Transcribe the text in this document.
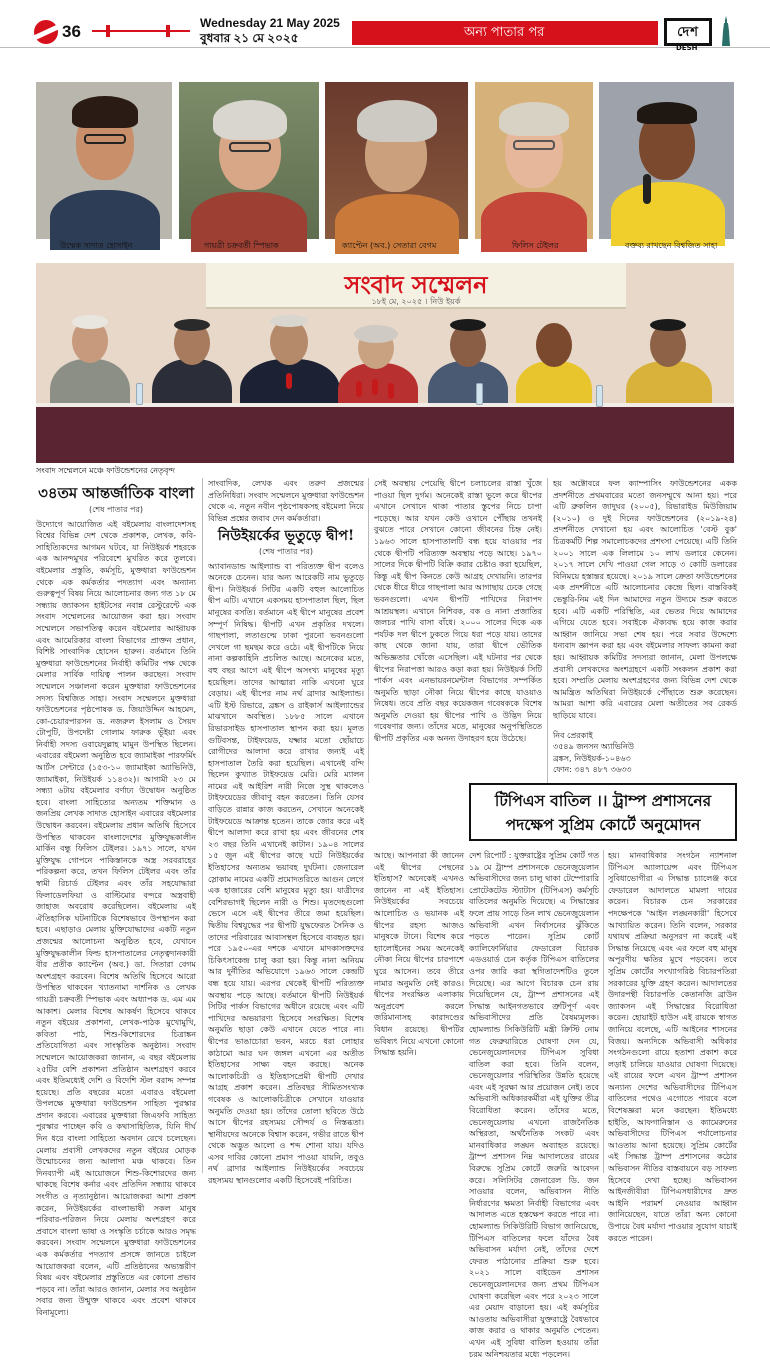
36	Wednesday 21 May 2025
বুধবার ২১ মে ২০২৫	অন্য পাতার পর	দেশ
DESH
উম্মেক সাদাত হোসাইন	গায়ত্রী চক্রবর্তী স্পিভাক	ক্যাপ্টেন (অব.) সেতারা বেগম	ফিলিস টেইলর	বক্তব্য রাখছেন বিশ্বজিত সাহা
সংবাদ সম্মেলন
১৮ই মে, ২০২৫ । নিউ ইয়র্ক
সংবাদ সম্মেলনে মঞ্চে ফাউন্ডেশনের নেতৃবৃন্দ
৩৪তম আন্তর্জাতিক বাংলা
(শেষ পাতার পর)

উদ্যোগে আয়োজিত এই বইমেলায় বাংলাদেশসহ বিশ্বের বিভিন্ন দেশ থেকে প্রকাশক, লেখক, কবি-সাহিত্যিকদের আগমন ঘটবে, যা নিউইয়র্ক শহরকে এক আনন্দমুখর পরিবেশে মুখরিত করে তুলবে। বইমেলার প্রস্তুতি, কর্মসূচি, মুক্তধারা ফাউন্ডেশন থেকে এক কর্মকর্তার পদত্যাগ এবং অন্যান্য গুরুত্বপূর্ণ বিষয় নিয়ে আলোচনার জন্য গত ১৮ মে সন্ধ্যায় জ্যাকসন হাইটসের নবান্ন রেস্টুরেন্টে এক সংবাদ সম্মেলনের আয়োজন করা হয়। সংবাদ সম্মেলনে সভাপতিত্ব করেন বইমেলার আহ্বায়ক এবং আমেরিকার বাংলা বিভাগের প্রাক্তন প্রধান, বিশিষ্ট সাংবাদিক হোসেন হারুন। বর্তমানে তিনি মুক্তধারা ফাউন্ডেশনের নির্বাহী কমিটির পক্ষ থেকে মেলার সার্বিক দায়িত্ব পালন করছেন। সংবাদ সম্মেলনে সঞ্চালনা করেন মুক্তধারা ফাউন্ডেশনের সদস্য বিশ্বজিত সাহা। সংবাদ সম্মেলনে মুক্তধারা ফাউন্ডেশনের পৃষ্ঠপোষক ড. জিয়াউদ্দিন আহমেদ, কো-চেয়ারপারসন ড. নজরুল ইসলাম ও সৈয়দ টোপুটি, উপদেষ্টা গোলাম ফারুক ভূঁইয়া এবং নির্বাহী সদস্য ওবায়েদুল্লাহ মামুন উপস্থিত ছিলেন। এবারের বইমেলা অনুষ্ঠিত হবে জ্যামাইকা পারফর্মিং আর্টস সেন্টারে (১৫৩-১০ জ্যামাইকা অ্যাভিনিউ, জ্যামাইকা, নিউইয়র্ক ১১৪৩২)। আগামী ২৩ মে সন্ধ্যা ৬টায় বইমেলার বর্ণাঢ্য উদ্বোধন অনুষ্ঠিত হবে। বাংলা সাহিত্যের অন্যতম শক্তিমান ও জনপ্রিয় লেখক সাদাত হোসাইন এবারের বইমেলার উদ্বোধন করবেন। বইমেলায় প্রধান অতিথি হিসেবে উপস্থিত থাকবেন বাংলাদেশের মুক্তিযুদ্ধকালীন মার্কিন বন্ধু ফিলিস টেইলর। ১৯৭১ সালে, যখন মুক্তিযুদ্ধ গোপনে পাকিস্তানকে অস্ত্র সরবরাহের পরিকল্পনা করে, তখন ফিলিস টেইলর এবং তাঁর স্বামী রিচার্ড টেইলর এবং তাঁর সহযোদ্ধারা ফিলাডেলফিয়া ও বাল্টিমোর বন্দরে অস্ত্রবাহী জাহাজ অবরোধ করেছিলেন। বইমেলায় এই ঐতিহাসিক ঘটনাটিকে বিশেষভাবে উপস্থাপন করা হবে। এছাড়াও মেলায় মুক্তিযোদ্ধাদের একটি নতুন প্রজন্মের আলোচনা অনুষ্ঠিত হবে, যেখানে মুক্তিযুদ্ধকালীন ফিল্ড হাসপাতালের নেতৃত্বদানকারী বীর প্রতীক ক্যাপ্টেন (অব.) ডা. সিতারা বেগম অংশগ্রহণ করবেন। বিশেষ অতিথি হিসেবে আরো উপস্থিত থাকবেন খ্যাতনামা দার্শনিক ও লেখক গায়ত্রী চক্রবর্তী স্পিভাক এবং অধ্যাপক ড. এম এম আকাশ। মেলার বিশেষ আকর্ষণ হিসেবে থাকবে নতুন বইয়ের প্রকাশনা, লেখক-পাঠক মুখোমুখি, কবিতা পাঠ, শিশু-কিশোরদের চিত্রাঙ্কন প্রতিযোগিতা এবং সাংস্কৃতিক অনুষ্ঠান। সংবাদ সম্মেলনে আয়োজকরা জানান, এ বছর বইমেলায় ২৫টির বেশি প্রকাশনা প্রতিষ্ঠান অংশগ্রহণ করবে এবং ইতিমধ্যেই দেশি ও বিদেশি স্টল বরাদ্দ সম্পন্ন হয়েছে। প্রতি বছরের মতো এবারও বইমেলা উপলক্ষে মুক্তধারা ফাউন্ডেশন সাহিত্য পুরস্কার প্রদান করবে। এবারের মুক্তধারা জিএফবি সাহিত্য পুরস্কার পাচ্ছেন কবি ও কথাসাহিত্যিক, যিনি দীর্ঘ দিন ধরে বাংলা সাহিত্যে অবদান রেখে চলেছেন। মেলায় প্রবাসী লেখকদের নতুন বইয়ের মোড়ক উন্মোচনের জন্য আলাদা মঞ্চ থাকবে। তিন দিনব্যাপী এই আয়োজনে শিশু-কিশোরদের জন্য থাকছে বিশেষ কর্নার এবং প্রতিদিন সন্ধ্যায় থাকবে সংগীত ও নৃত্যানুষ্ঠান। আয়োজকরা আশা প্রকাশ করেন, নিউইয়র্কের বাংলাভাষী সকল মানুষ পরিবার-পরিজন নিয়ে মেলায় অংশগ্রহণ করে প্রবাসে বাংলা ভাষা ও সংস্কৃতি চর্চাকে আরও সমৃদ্ধ করবেন। সংবাদ সম্মেলনে মুক্তধারা ফাউন্ডেশনের এক কর্মকর্তার পদত্যাগ প্রসঙ্গে জানতে চাইলে আয়োজকরা বলেন, এটি প্রতিষ্ঠানের অভ্যন্তরীণ বিষয় এবং বইমেলার প্রস্তুতিতে এর কোনো প্রভাব পড়বে না। তাঁরা আরও জানান, মেলার সব অনুষ্ঠান সবার জন্য উন্মুক্ত থাকবে এবং প্রবেশ থাকবে বিনামূল্যে।

সাংবাদিক, লেখক এবং তরুণ প্রজন্মের প্রতিনিধিরা। সংবাদ সম্মেলনে মুক্তধারা ফাউন্ডেশন থেকে এ. নতুন নবীন পৃষ্ঠপোষকসহ বইমেলা নিয়ে বিভিন্ন প্রশ্নের জবাব দেন কর্মকর্তারা।

নিউইয়র্কের ভূতুড়ে দ্বীপ!
(শেষ পাতার পর)

অ্যাবানডান্ড আইল্যান্ড বা পরিত্যক্ত দ্বীপ বলেও অনেকে চেনেন। যার অন্য আরেকটি নাম ভুতুড়ে দ্বীপ। নিউইয়র্ক সিটির একটি বহুল আলোচিত দ্বীপ এটি। এখানে একসময় হাসপাতাল ছিল, ছিল মানুষের বসতি। বর্তমানে এই দ্বীপে মানুষের প্রবেশ সম্পূর্ণ নিষিদ্ধ। দ্বীপটি এখন প্রকৃতির দখলে। গাছপালা, লতাগুল্মে ঢাকা পুরনো ভবনগুলো দেখলে গা ছমছম করে ওঠে। এই দ্বীপটিকে নিয়ে নানা কল্পকাহিনি প্রচলিত আছে। অনেকের মতে, বহু বছর আগে এই দ্বীপে অসংখ্য মানুষের মৃত্যু হয়েছিল। তাদের আত্মারা নাকি এখনো ঘুরে বেড়ায়। এই দ্বীপের নাম নর্থ ব্রাদার আইল্যান্ড। এটি ইস্ট রিভারে, ব্রঙ্কস ও রাইকার্স আইল্যান্ডের মাঝখানে অবস্থিত। ১৮৮৫ সালে এখানে রিভারসাইড হাসপাতাল স্থাপন করা হয়। মূলত গুটিবসন্ত, টাইফয়েড, যক্ষ্মার মতো ছোঁয়াচে রোগীদের আলাদা করে রাখার জন্যই এই হাসপাতাল তৈরি করা হয়েছিল। এখানেই বন্দি ছিলেন কুখ্যাত টাইফয়েড মেরি। মেরি ম্যালন নামের এই আইরিশ নারী নিজে সুস্থ থাকলেও টাইফয়েডের জীবাণু বহন করতেন। তিনি যেসব বাড়িতে রান্নার কাজ করতেন, সেখানে অনেকেই টাইফয়েডে আক্রান্ত হতেন। তাকে জোর করে এই দ্বীপে আলাদা করে রাখা হয় এবং জীবনের শেষ ২৩ বছর তিনি এখানেই কাটান। ১৯০৪ সালের ১৫ জুন এই দ্বীপের কাছে ঘটে নিউইয়র্কের ইতিহাসের অন্যতম ভয়াবহ দুর্ঘটনা। জেনারেল স্লোকাম নামের একটি প্রমোদতরিতে আগুন লেগে এক হাজারের বেশি মানুষের মৃত্যু হয়। যাত্রীদের বেশিরভাগই ছিলেন নারী ও শিশু। মৃতদেহগুলো ভেসে এসে এই দ্বীপের তীরে জমা হয়েছিল। দ্বিতীয় বিশ্বযুদ্ধের পর দ্বীপটি যুদ্ধফেরত সৈনিক ও তাদের পরিবারের আবাসস্থল হিসেবে ব্যবহৃত হয়। পরে ১৯৫০-এর দশকে এখানে মাদকাসক্তদের চিকিৎসাকেন্দ্র চালু করা হয়। কিন্তু নানা অনিয়ম আর দুর্নীতির অভিযোগে ১৯৬৩ সালে কেন্দ্রটি বন্ধ হয়ে যায়। এরপর থেকেই দ্বীপটি পরিত্যক্ত অবস্থায় পড়ে আছে। বর্তমানে দ্বীপটি নিউইয়র্ক সিটির পার্কস বিভাগের অধীনে রয়েছে এবং এটি পাখিদের অভয়ারণ্য হিসেবে সংরক্ষিত। বিশেষ অনুমতি ছাড়া কেউ এখানে যেতে পারে না। দ্বীপের ভাঙাচোরা ভবন, মরচে ধরা লোহার কাঠামো আর ঘন জঙ্গল এখনো এর অতীত ইতিহাসের সাক্ষ্য বহন করছে। অনেক আলোকচিত্রী ও ইতিহাসপ্রেমী দ্বীপটি দেখার আগ্রহ প্রকাশ করেন। প্রতিবছর সীমিতসংখ্যক গবেষক ও আলোকচিত্রীকে সেখানে যাওয়ার অনুমতি দেওয়া হয়। তাঁদের তোলা ছবিতে উঠে আসে দ্বীপের রহস্যময় সৌন্দর্য ও নিস্তব্ধতা। স্থানীয়দের অনেকে বিশ্বাস করেন, গভীর রাতে দ্বীপ থেকে অদ্ভুত আলো ও শব্দ শোনা যায়। যদিও এসব দাবির কোনো প্রমাণ পাওয়া যায়নি, তবুও নর্থ ব্রাদার আইল্যান্ড নিউইয়র্কের সবচেয়ে রহস্যময় স্থানগুলোর একটি হিসেবেই পরিচিত।

সেই অবস্থায় পেয়েছি দ্বীপে চলাচলের রাস্তা খুঁজে পাওয়া ছিল দুর্গম। অনেকেই রাস্তা ভুলে করে দ্বীপের এখানে সেখানে থাকা পাতার স্তুপের নিচে চাপা পড়েছে। আর যখন কেউ ওখানে পৌঁছায় তখনই বুঝতে পারে সেখানে কোনো জীবনের চিহ্ন নেই। ১৯৬৩ সালে হাসপাতালটি বন্ধ হয়ে যাওয়ার পর থেকে দ্বীপটি পরিত্যক্ত অবস্থায় পড়ে আছে। ১৯৭০ সালের দিকে দ্বীপটি বিক্রি করার চেষ্টাও করা হয়েছিল, কিন্তু এই দ্বীপ কিনতে কেউ আগ্রহ দেখায়নি। তারপর থেকে ধীরে ধীরে গাছপালা আর আগাছায় ঢেকে গেছে ভবনগুলো। এখন দ্বীপটি পাখিদের নিরাপদ আশ্রয়স্থল। এখানে নিশিবক, বক ও নানা প্রজাতির জলচর পাখি বাসা বাঁধে। ২০০০ সালের দিকে এক পর্যটক দল দ্বীপে ঢুকতে গিয়ে ধরা পড়ে যায়। তাদের কাছ থেকে জানা যায়, তারা দ্বীপে ভৌতিক অভিজ্ঞতার খোঁজে এসেছিল। এই ঘটনার পর থেকে দ্বীপের নিরাপত্তা আরও কড়া করা হয়। নিউইয়র্ক সিটি পার্কস এবং এনভায়রনমেন্টাল বিভাগের সম্পর্কিত অনুমতি ছাড়া নৌকা নিয়ে দ্বীপের কাছে যাওয়াও নিষেধ। তবে প্রতি বছর কয়েকজন গবেষককে বিশেষ অনুমতি দেওয়া হয় দ্বীপের পাখি ও উদ্ভিদ নিয়ে গবেষণার জন্য। তাঁদের মতে, মানুষের অনুপস্থিতিতে দ্বীপটি প্রকৃতির এক অনন্য উদাহরণ হয়ে উঠেছে।

আছে। আপনারা কী জানেন এই দ্বীপের পেছনের ইতিহাস? অনেকেই এখনও জানেন না এই ইতিহাস। নিউইয়র্কের সবচেয়ে আলোচিত ও ভয়ানক এই দ্বীপের রহস্য আজও মানুষকে টানে। বিশেষ করে হ্যালোইনের সময় অনেকেই নৌকা নিয়ে দ্বীপের চারপাশে ঘুরে আসেন। তবে তীরে নামার অনুমতি নেই কারও। দ্বীপের সংরক্ষিত এলাকায় অনুপ্রবেশ করলে জরিমানাসহ কারাদণ্ডের বিধান রয়েছে। দ্বীপটির ভবিষ্যৎ নিয়ে এখনো কোনো সিদ্ধান্ত হয়নি।

হয় অক্টোবরে ফল ক্যাম্পাসিং ফাউন্ডেশনের একক প্রদর্শনীতে প্রথমবারের মতো জনসম্মুখে আনা হয়। পরে এটি ব্রুকলিন জাদুঘর (২০০৫), রিভারাইড মিউজিয়াম (২০১০) ও দুই দিনের ফাউন্ডেশনের (২০১৯-২৪) প্রদর্শনীতে দেখানো হয় এবং আলোচিত 'বেস্ট বুক' চিত্রকর্মটি শিল্প সমালোচকদের প্রশংসা পেয়েছে। এটি তিনি ২০০১ সালে এক লিলামে ১০ লাখ ডলারে কেনেন। ২০১৭ সালে দেখি পাওয়া গেল সাড়ে ৩ কোটি ডলারের বিনিময়ে হস্তান্তর হয়েছে। ২০১৯ সালে ক্রেতা ফাউন্ডেশনের এক প্রদর্শনীতে এটি আলোচনার কেন্দ্রে ছিল। বাস্তবিকই ভেন্তুরি-নিম এই দিন আমাদের নতুন উদ্যমে শুরু করতে হবে। এটি একটি পরিস্থিতি, এর ভেতর দিয়ে আমাদের এগিয়ে যেতে হবে। সবাইকে ঐক্যবদ্ধ হয়ে কাজ করার আহ্বান জানিয়ে সভা শেষ হয়। পরে সবার উদ্দেশ্যে ধন্যবাদ জ্ঞাপন করা হয় এবং বইমেলার সাফল্য কামনা করা হয়। আহ্বায়ক কমিটির সদস্যরা জানান, মেলা উপলক্ষে প্রবাসী লেখকদের অংশগ্রহণে একটি সংকলন প্রকাশ করা হবে। সম্প্রতি মেলায় অংশগ্রহণের জন্য বিভিন্ন দেশ থেকে আমন্ত্রিত অতিথিরা নিউইয়র্কে পৌঁছাতে শুরু করেছেন। আমরা আশা করি এবারের মেলা অতীতের সব রেকর্ড ছাড়িয়ে যাবে।

নিব প্রেরকাই
৩৫৪৯ জনসন অ্যাভিনিউ
ব্রঙ্কস, নিউইয়র্ক-১০৪৬৩
ফোন: ৩৪৭ ৪৮৭ ৩৬৩৩

টিপিএস বাতিল ।। ট্রাম্প প্রশাসনের
পদক্ষেপ সুপ্রিম কোর্টে অনুমোদন

দেশ রিপোর্ট : যুক্তরাষ্ট্রের সুপ্রিম কোর্ট গত ১৯ মে ট্রাম্প প্রশাসনকে ভেনেজুয়েলান অভিবাসীদের জন্য চালু থাকা টেম্পোরারি প্রোটেকটেড স্ট্যাটাস (টিপিএস) কর্মসূচি বাতিলের অনুমতি দিয়েছে। এ সিদ্ধান্তের ফলে প্রায় সাড়ে তিন লাখ ভেনেজুয়েলান অভিবাসী এখন নির্বাসনের ঝুঁকিতে পড়তে পারেন। সুপ্রিম কোর্ট ক্যালিফোর্নিয়ার ফেডারেল বিচারক এডওয়ার্ড চেন কর্তৃক টিপিএস বাতিলের ওপর জারি করা স্থগিতাদেশটিও তুলে দিয়েছে। এর আগে বিচারক চেন রায় দিয়েছিলেন যে, ট্রাম্প প্রশাসনের এই সিদ্ধান্ত আইনগতভাবে ত্রুটিপূর্ণ এবং অভিবাসীদের প্রতি বৈষম্যমূলক। হোমল্যান্ড সিকিউরিটি মন্ত্রী ক্রিস্টি নোম গত ফেব্রুয়ারিতে ঘোষণা দেন যে, ভেনেজুয়েলানদের টিপিএস সুবিধা বাতিল করা হবে। তিনি বলেন, ভেনেজুয়েলার পরিস্থিতির উন্নতি হয়েছে এবং এই সুরক্ষা আর প্রয়োজন নেই। তবে অভিবাসী অধিকারকর্মীরা এই যুক্তির তীব্র বিরোধিতা করেন। তাঁদের মতে, ভেনেজুয়েলায় এখনো রাজনৈতিক অস্থিরতা, অর্থনৈতিক সংকট এবং মানবাধিকার লঙ্ঘন অব্যাহত রয়েছে। ট্রাম্প প্রশাসন নিম্ন আদালতের রায়ের বিরুদ্ধে সুপ্রিম কোর্টে জরুরি আবেদন করে। সলিসিটর জেনারেল ডি. জন সাওয়ার বলেন, অভিবাসন নীতি নির্ধারণের ক্ষমতা নির্বাহী বিভাগের এবং আদালত এতে হস্তক্ষেপ করতে পারে না। হোমল্যান্ড সিকিউরিটি বিভাগ জানিয়েছে, টিপিএস বাতিলের ফলে যাঁদের বৈধ অভিবাসন মর্যাদা নেই, তাঁদের দেশে ফেরত পাঠানোর প্রক্রিয়া শুরু হবে। ২০২১ সালে বাইডেন প্রশাসন ভেনেজুয়েলানদের জন্য প্রথম টিপিএস ঘোষণা করেছিল এবং পরে ২০২৩ সালে এর মেয়াদ বাড়ানো হয়। এই কর্মসূচির আওতায় অভিবাসীরা যুক্তরাষ্ট্রে বৈধভাবে কাজ করার ও থাকার অনুমতি পেতেন। এখন এই সুবিধা বাতিল হওয়ায় তাঁরা চরম অনিশ্চয়তার মধ্যে পড়লেন।

হয়। মানবাধিকার সংগঠন ন্যাশনাল টিপিএস অ্যালায়েন্স এবং টিপিএস সুবিধাভোগীরা এ সিদ্ধান্ত চ্যালেঞ্জ করে ফেডারেল আদালতে মামলা দায়ের করেন। বিচারক চেন সরকারের পদক্ষেপকে 'আইন লঙ্ঘনকারী' হিসেবে আখ্যায়িত করেন। তিনি বলেন, সরকার যথাযথ প্রক্রিয়া অনুসরণ না করেই এই সিদ্ধান্ত নিয়েছে এবং এর ফলে বহু মানুষ অপূরণীয় ক্ষতির মুখে পড়বেন। তবে সুপ্রিম কোর্টের সংখ্যাগরিষ্ঠ বিচারপতিরা সরকারের যুক্তি গ্রহণ করেন। আদালতের উদারপন্থী বিচারপতি কেতানজি ব্রাউন জ্যাকসন এই সিদ্ধান্তের বিরোধিতা করেন। হোয়াইট হাউস এই রায়কে স্বাগত জানিয়ে বলেছে, এটি আইনের শাসনের বিজয়। অন্যদিকে অভিবাসী অধিকার সংগঠনগুলো রায়ে হতাশা প্রকাশ করে লড়াই চালিয়ে যাওয়ার ঘোষণা দিয়েছে। এই রায়ের ফলে এখন ট্রাম্প প্রশাসন অন্যান্য দেশের অভিবাসীদের টিপিএস বাতিলের পথেও এগোতে পারবে বলে বিশেষজ্ঞরা মনে করছেন। ইতিমধ্যে হাইতি, আফগানিস্তান ও ক্যামেরুনের অভিবাসীদের টিপিএস পর্যালোচনার আওতায় আনা হয়েছে। সুপ্রিম কোর্টের এই সিদ্ধান্ত ট্রাম্প প্রশাসনের কঠোর অভিবাসন নীতির বাস্তবায়নে বড় সাফল্য হিসেবে দেখা হচ্ছে। অভিবাসন আইনজীবীরা টিপিএসধারীদের দ্রুত আইনি পরামর্শ নেওয়ার আহ্বান জানিয়েছেন, যাতে তাঁরা অন্য কোনো উপায়ে বৈধ মর্যাদা পাওয়ার সুযোগ যাচাই করতে পারেন।
